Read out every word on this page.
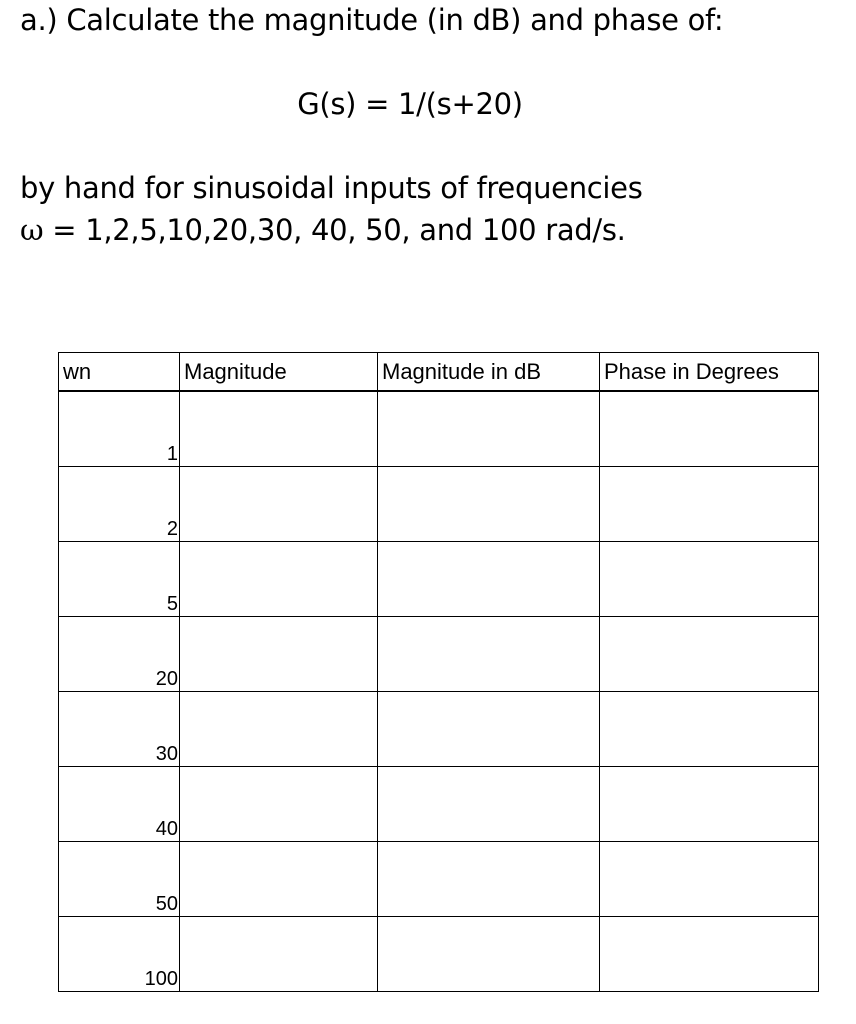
a.) Calculate the magnitude (in dB) and phase of:
G(s) = 1/(s+20)
by hand for sinusoidal inputs of frequencies
ω = 1,2,5,10,20,30, 40, 50, and 100 rad/s.
wn	Magnitude	Magnitude in dB	Phase in Degrees
1			
2			
5			
20			
30			
40			
50			
100			
